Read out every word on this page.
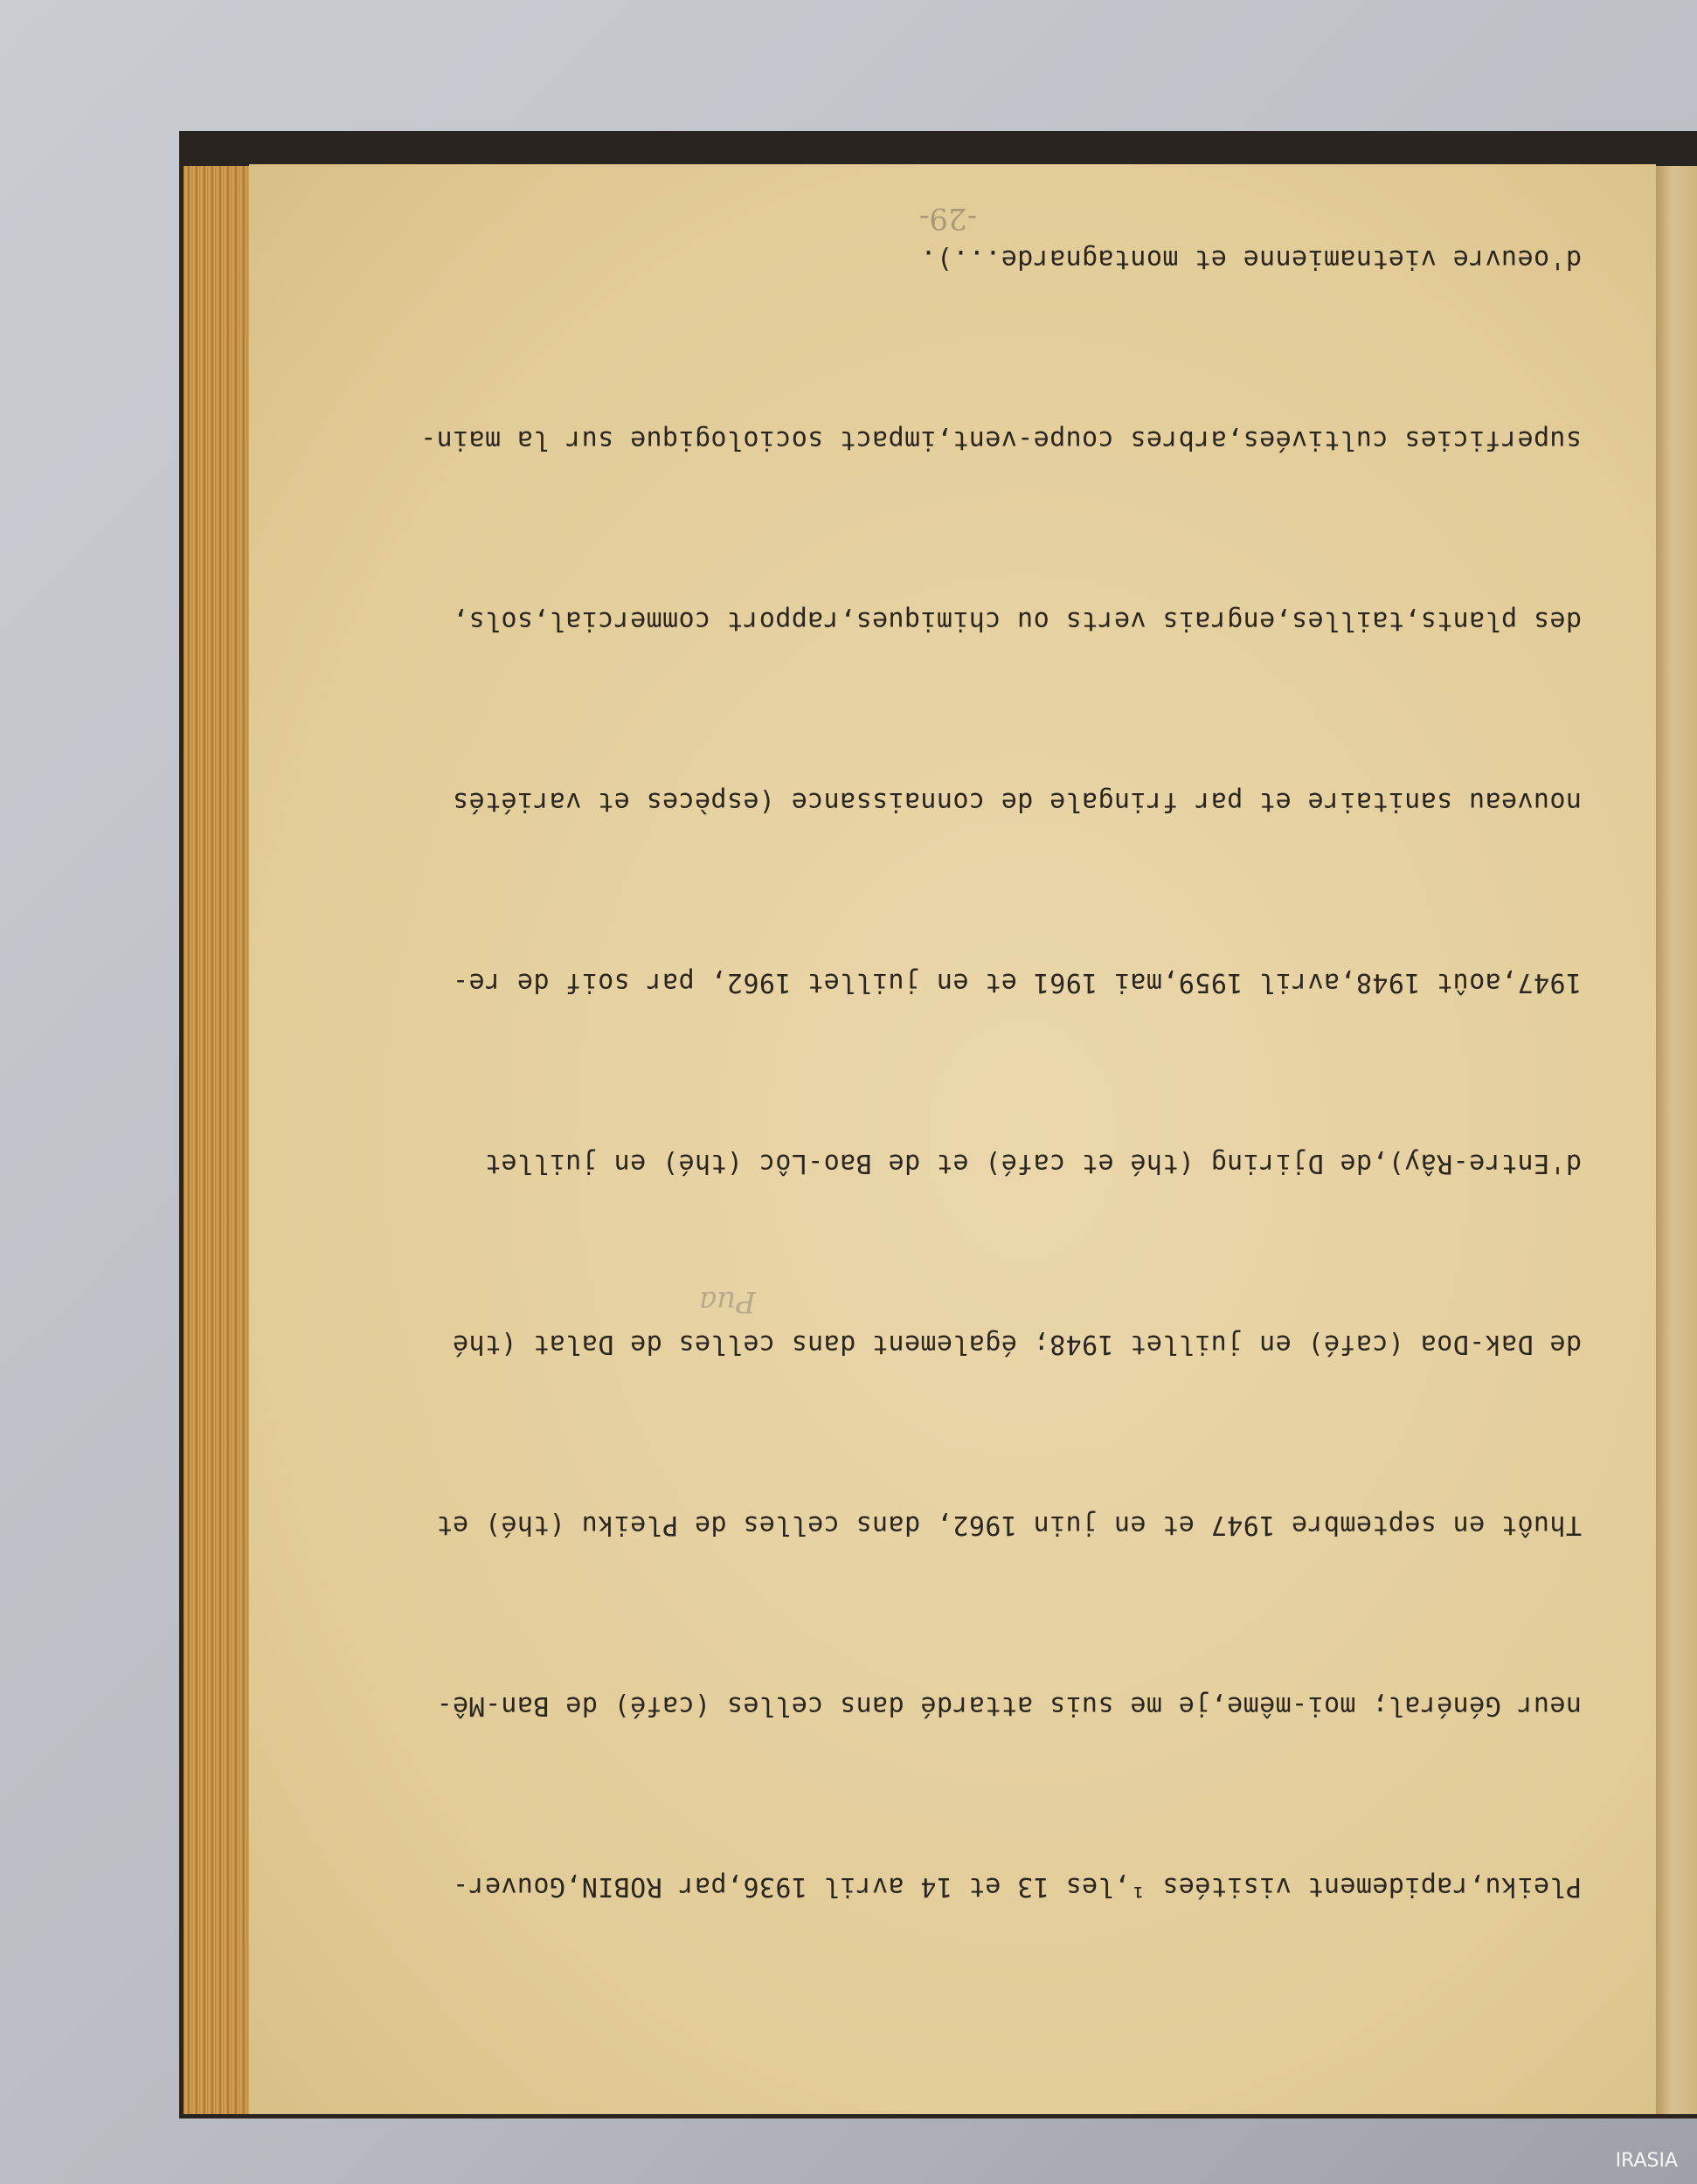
Pleiku,rapidement visitées ¹,les 13 et 14 avril 1936,par ROBIN,Gouver-

neur Général; moi-même,je me suis attardé dans celles (café) de Ban-Mê-

Thuôt en septembre 1947 et en juin 1962, dans celles de Pleiku (thé) et

de Dak-Doa (café) en juillet 1948; également dans celles de Dalat (thé

d'Entre-Rây),de Djiring (thé et café) et de Bao-Lôc (thé) en juillet

1947,août 1948,avril 1959,mai 1961 et en juillet 1962, par soif de re-

nouveau sanitaire et par fringale de connaissance (espèces et variétés

des plants,tailles,engrais verts ou chimiques,rapport commercial,sols,

superficies cultivées,arbres coupe-vent,impact sociologique sur la main-

d'oeuvre vietnamienne et montagnarde...).

-29-
Pua
IRASIA
